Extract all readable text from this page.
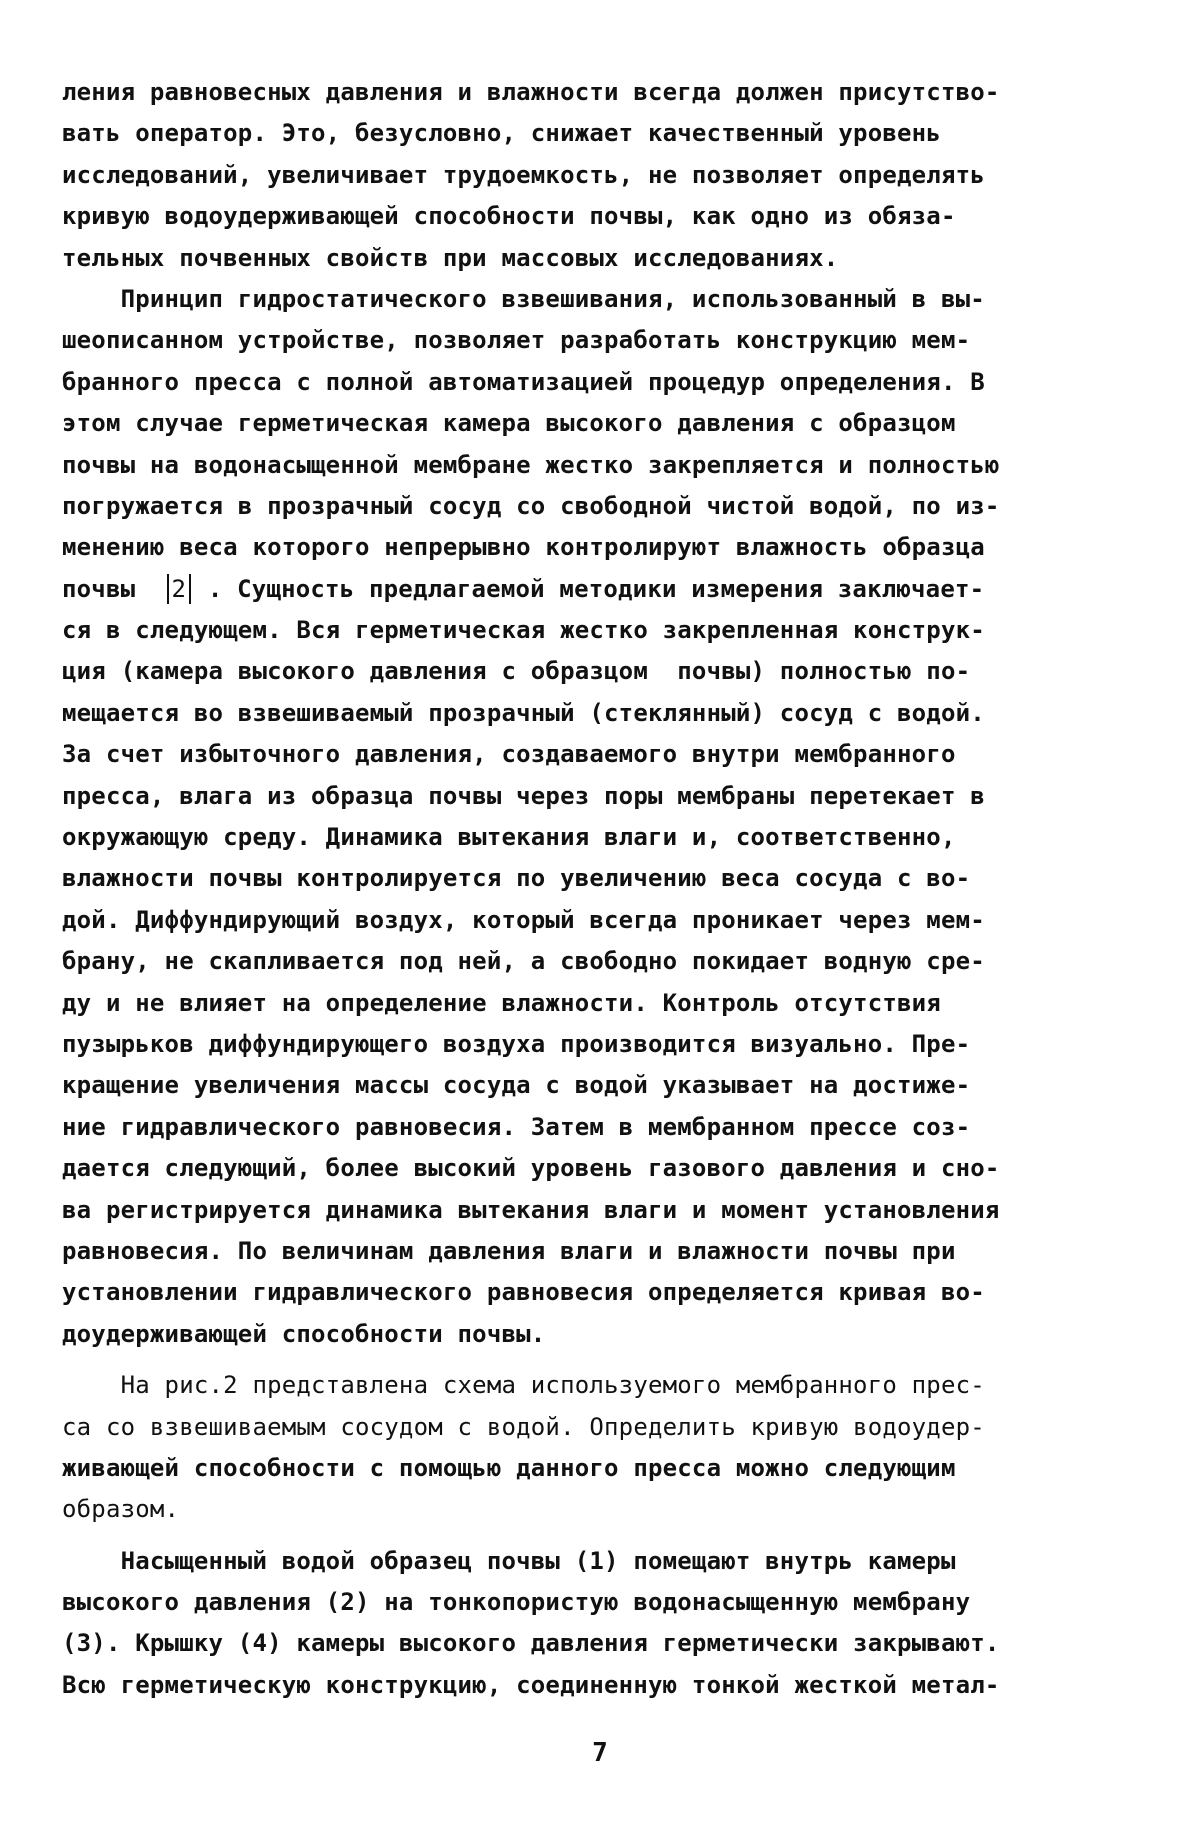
ления равновесных давления и влажности всегда должен присутство-
вать оператор. Это, безусловно, снижает качественный уровень
исследований, увеличивает трудоемкость, не позволяет определять
кривую водоудерживающей способности почвы, как одно из обяза-
тельных почвенных свойств при массовых исследованиях.
Принцип гидростатического взвешивания, использованный в вы-
шеописанном устройстве, позволяет разработать конструкцию мем-
бранного пресса с полной автоматизацией процедур определения. В
этом случае герметическая камера высокого давления с образцом
почвы на водонасыщенной мембране жестко закрепляется и полностью
погружается в прозрачный сосуд со свободной чистой водой, по из-
менению веса которого непрерывно контролируют влажность образца
почвы  2 . Сущность предлагаемой методики измерения заключает-
ся в следующем. Вся герметическая жестко закрепленная конструк-
ция (камера высокого давления с образцом  почвы) полностью по-
мещается во взвешиваемый прозрачный (стеклянный) сосуд с водой.
За счет избыточного давления, создаваемого внутри мембранного
пресса, влага из образца почвы через поры мембраны перетекает в
окружающую среду. Динамика вытекания влаги и, соответственно,
влажности почвы контролируется по увеличению веса сосуда с во-
дой. Диффундирующий воздух, который всегда проникает через мем-
брану, не скапливается под ней, а свободно покидает водную сре-
ду и не влияет на определение влажности. Контроль отсутствия
пузырьков диффундирующего воздуха производится визуально. Пре-
кращение увеличения массы сосуда с водой указывает на достиже-
ние гидравлического равновесия. Затем в мембранном прессе соз-
дается следующий, более высокий уровень газового давления и сно-
ва регистрируется динамика вытекания влаги и момент установления
равновесия. По величинам давления влаги и влажности почвы при
установлении гидравлического равновесия определяется кривая во-
доудерживающей способности почвы.
На рис.2 представлена схема используемого мембранного прес-
са со взвешиваемым сосудом с водой. Определить кривую водоудер-
живающей способности с помощью данного пресса можно следующим
образом.
Насыщенный водой образец почвы (1) помещают внутрь камеры
высокого давления (2) на тонкопористую водонасыщенную мембрану
(3). Крышку (4) камеры высокого давления герметически закрывают.
Всю герметическую конструкцию, соединенную тонкой жесткой метал-
7
